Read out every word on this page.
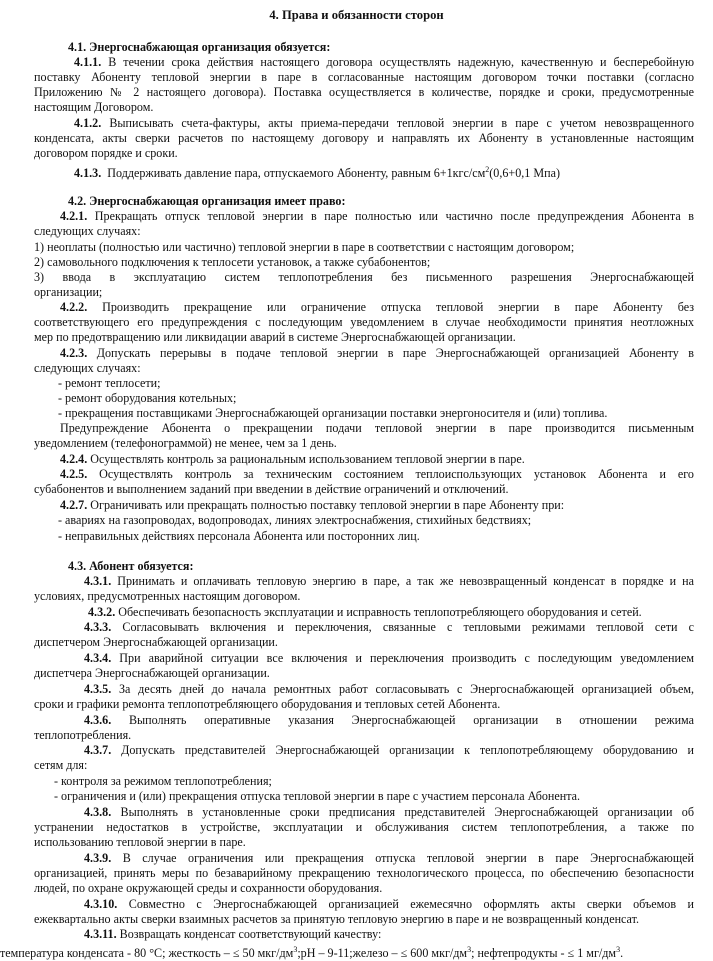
4. Права и обязанности сторон
4.1. Энергоснабжающая организация обязуется:
4.1.1. В течении срока действия настоящего договора осуществлять надежную, качественную и бесперебойную
поставку Абоненту тепловой энергии в паре в согласованные настоящим договором точки поставки (согласно
Приложению № 2 настоящего договора). Поставка осуществляется в количестве, порядке и сроки, предусмотренные
настоящим Договором.
4.1.2. Выписывать счета-фактуры, акты приема-передачи тепловой энергии в паре с учетом невозвращенного
конденсата, акты сверки расчетов по настоящему договору и направлять их Абоненту в установленные настоящим
договором порядке и сроки.
4.1.3. Поддерживать давление пара, отпускаемого Абоненту, равным $6+1кгс/см^2(0,6+0,1$ Мпа)
4.2. Энергоснабжающая организация имеет право:
4.2.1. Прекращать отпуск тепловой энергии в паре полностью или частично после предупреждения Абонента в
следующих случаях:
1) неоплаты (полностью или частично) тепловой энергии в паре в соответствии с настоящим договором;
2) самовольного подключения к теплосети установок, а также субабонентов;
3) ввода в эксплуатацию систем теплопотребления без письменного разрешения Энергоснабжающей
организации;
4.2.2. Производить прекращение или ограничение отпуска тепловой энергии в паре Абоненту без
соответствующего его предупреждения с последующим уведомлением в случае необходимости принятия неотложных
мер по предотвращению или ликвидации аварий в системе Энергоснабжающей организации.
4.2.3. Допускать перерывы в подаче тепловой энергии в паре Энергоснабжающей организацией Абоненту в
следующих случаях:
- ремонт теплосети;
- ремонт оборудования котельных;
- прекращения поставщиками Энергоснабжающей организации поставки энергоносителя и (или) топлива.
Предупреждение Абонента о прекращении подачи тепловой энергии в паре производится письменным
уведомлением (телефонограммой) не менее, чем за 1 день.
4.2.4. Осуществлять контроль за рациональным использованием тепловой энергии в паре.
4.2.5. Осуществлять контроль за техническим состоянием теплоиспользующих установок Абонента и его
субабонентов и выполнением заданий при введении в действие ограничений и отключений.
4.2.7. Ограничивать или прекращать полностью поставку тепловой энергии в паре Абоненту при:
- авариях на газопроводах, водопроводах, линиях электроснабжения, стихийных бедствиях;
- неправильных действиях персонала Абонента или посторонних лиц.
4.3. Абонент обязуется:
4.3.1. Принимать и оплачивать тепловую энергию в паре, а так же невозвращенный конденсат в порядке и на
условиях, предусмотренных настоящим договором.
4.3.2. Обеспечивать безопасность эксплуатации и исправность теплопотребляющего оборудования и сетей.
4.3.3. Согласовывать включения и переключения, связанные с тепловыми режимами тепловой сети с
диспетчером Энергоснабжающей организации.
4.3.4. При аварийной ситуации все включения и переключения производить с последующим уведомлением
диспетчера Энергоснабжающей организации.
4.3.5. За десять дней до начала ремонтных работ согласовывать с Энергоснабжающей организацией объем,
сроки и графики ремонта теплопотребляющего оборудования и тепловых сетей Абонента.
4.3.6. Выполнять оперативные указания Энергоснабжающей организации в отношении режима
теплопотребления.
4.3.7. Допускать представителей Энергоснабжающей организации к теплопотребляющему оборудованию и
сетям для:
- контроля за режимом теплопотребления;
- ограничения и (или) прекращения отпуска тепловой энергии в паре с участием персонала Абонента.
4.3.8. Выполнять в установленные сроки предписания представителей Энергоснабжающей организации об
устранении недостатков в устройстве, эксплуатации и обслуживания систем теплопотребления, а также по
использованию тепловой энергии в паре.
4.3.9. В случае ограничения или прекращения отпуска тепловой энергии в паре Энергоснабжающей
организацией, принять меры по безаварийному прекращению технологического процесса, по обеспечению безопасности
людей, по охране окружающей среды и сохранности оборудования.
4.3.10. Совместно с Энергоснабжающей организацией ежемесячно оформлять акты сверки объемов и
ежеквартально акты сверки взаимных расчетов за принятую тепловую энергию в паре и не возвращенный конденсат.
4.3.11. Возвращать конденсат соответствующий качеству:
температура конденсата - 80 °С; жесткость – ≤ 50 мкг/$дм^3;pH$ – 9-11;железо – ≤ 600 мкг/$дм^3$; нефтепродукты - ≤ 1 $мг/дм^3$.
